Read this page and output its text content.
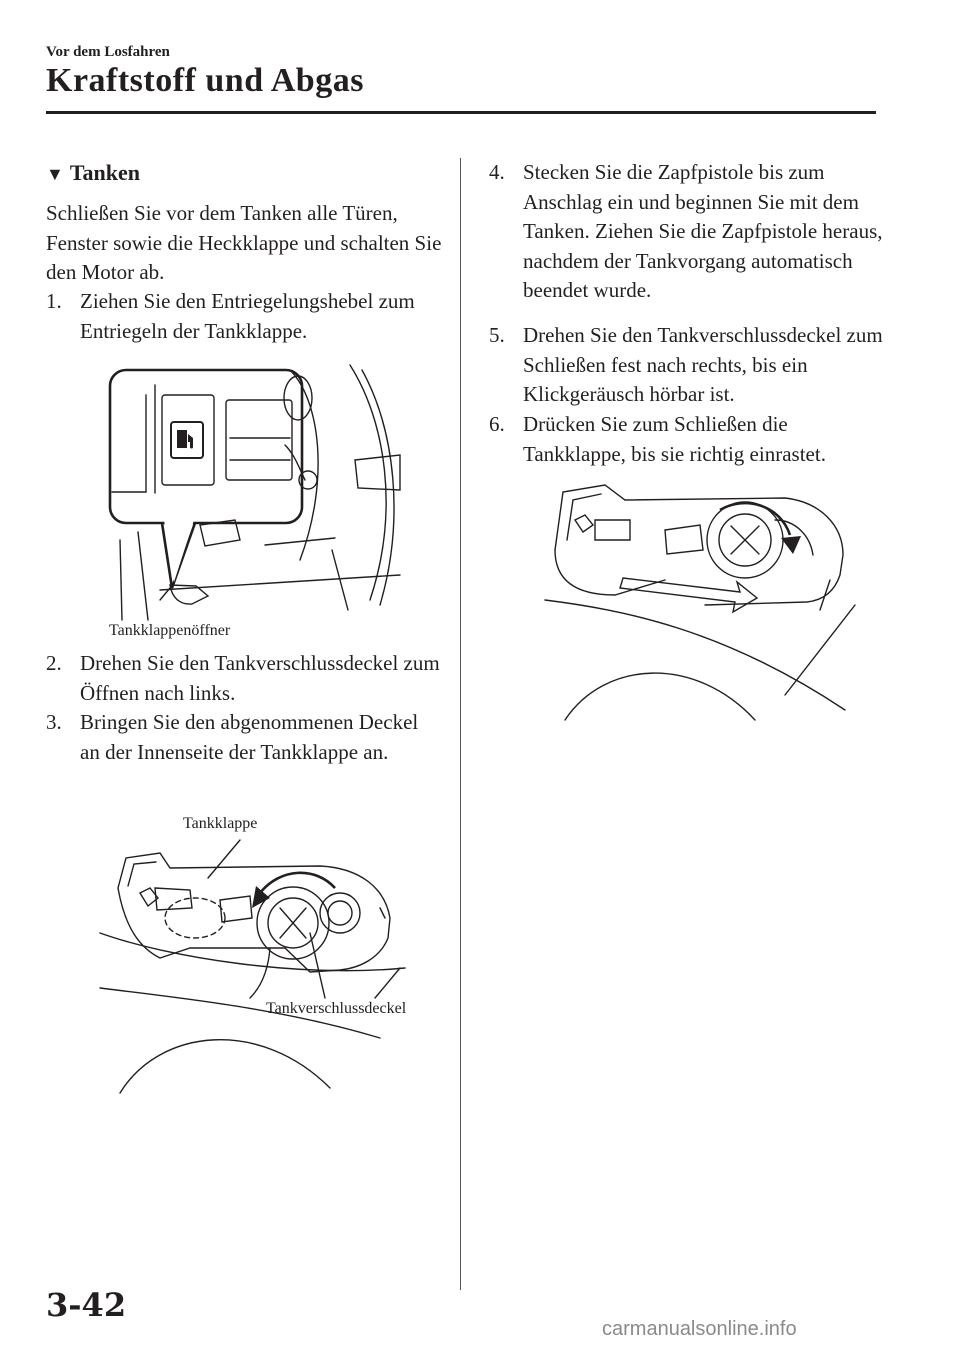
Vor dem Losfahren
Kraftstoff und Abgas
▼ Tanken
Schließen Sie vor dem Tanken alle Türen, Fenster sowie die Heckklappe und schalten Sie den Motor ab.
1. Ziehen Sie den Entriegelungshebel zum Entriegeln der Tankklappe.
Tankklappenöffner
2. Drehen Sie den Tankverschlussdeckel zum Öffnen nach links.
3. Bringen Sie den abgenommenen Deckel an der Innenseite der Tankklappe an.
Tankklappe
Tankverschlussdeckel
4. Stecken Sie die Zapfpistole bis zum Anschlag ein und beginnen Sie mit dem Tanken. Ziehen Sie die Zapfpistole heraus, nachdem der Tankvorgang automatisch beendet wurde.
5. Drehen Sie den Tankverschlussdeckel zum Schließen fest nach rechts, bis ein Klickgeräusch hörbar ist.
6. Drücken Sie zum Schließen die Tankklappe, bis sie richtig einrastet.
3-42
carmanualsonline.info
